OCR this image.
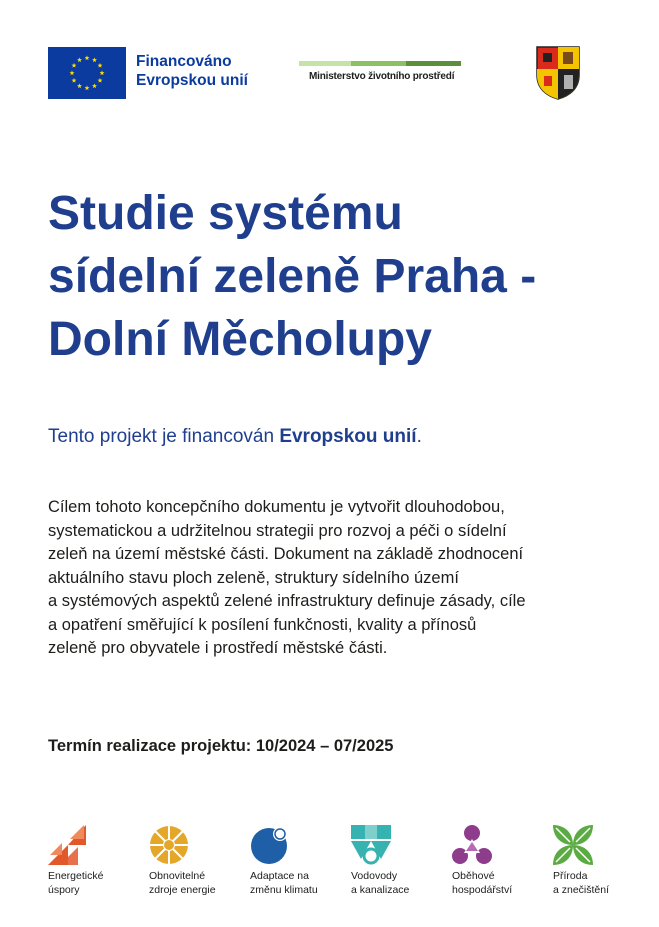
Financováno
Evropskou unií	Ministerstvo životního prostředí
Studie systému
sídelní zeleně Praha -
Dolní Měcholupy
Tento projekt je financován Evropskou unií.
Cílem tohoto koncepčního dokumentu je vytvořit dlouhodobou,
systematickou a udržitelnou strategii pro rozvoj a péči o sídelní
zeleň na území městské části. Dokument na základě zhodnocení
aktuálního stavu ploch zeleně, struktury sídelního území
a systémových aspektů zelené infrastruktury definuje zásady, cíle
a opatření směřující k posílení funkčnosti, kvality a přínosů
zeleně pro obyvatele i prostředí městské části.
Termín realizace projektu: 10/2024 – 07/2025
Energetické
úspory
Obnovitelné
zdroje energie
Adaptace na
změnu klimatu
Vodovody
a kanalizace
Oběhové
hospodářství
Příroda
a znečištění
